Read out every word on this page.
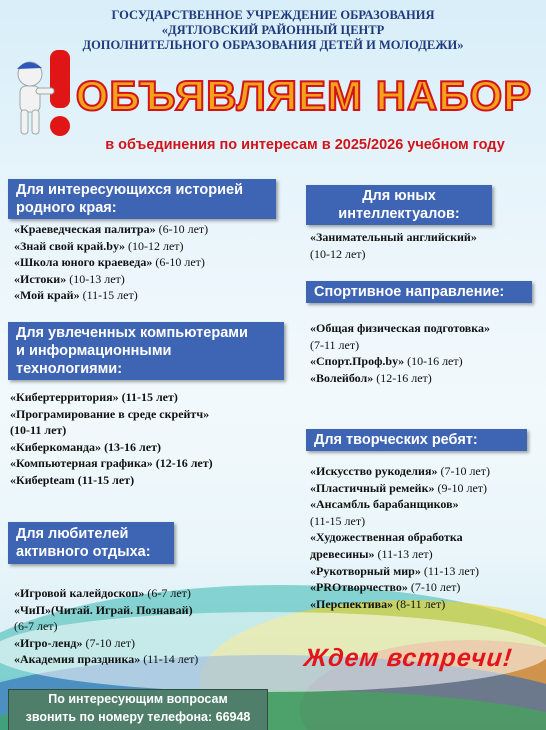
ГОСУДАРСТВЕННОЕ УЧРЕЖДЕНИЕ ОБРАЗОВАНИЯ
«ДЯТЛОВСКИЙ РАЙОННЫЙ ЦЕНТР
ДОПОЛНИТЕЛЬНОГО ОБРАЗОВАНИЯ ДЕТЕЙ И МОЛОДЕЖИ»
ОБЪЯВЛЯЕМ НАБОР
в объединения по интересам в 2025/2026 учебном году
Для интересующихся историей
родного края:
«Краеведческая палитра» (6-10 лет)
«Знай свой край.by» (10-12 лет)
«Школа юного краеведа» (6-10 лет)
«Истоки» (10-13 лет)
«Мой край» (11-15 лет)
Для юных
интеллектуалов:
«Занимательный английский»
(10-12 лет)
Спортивное направление:
«Общая физическая подготовка»
(7-11 лет)
«Спорт.Проф.by» (10-16 лет)
«Волейбол» (12-16 лет)
Для увлеченных компьютерами
и информационными
технологиями:
«Кибертерритория» (11-15 лет)
«Програмирование в среде скрейтч»
(10-11 лет)
«Киберкоманда» (13-16 лет)
«Компьютерная графика» (12-16 лет)
«Киберteam (11-15 лет)
Для творческих ребят:
«Искусство рукоделия» (7-10 лет)
«Пластичный ремейк» (9-10 лет)
«Ансамбль барабанщиков»
(11-15 лет)
«Художественная обработка
древесины» (11-13 лет)
«Рукотворный мир» (11-13 лет)
«PROтворчество» (7-10 лет)
«Перспектива» (8-11 лет)
Для любителей
активного отдыха:
«Игровой калейдоскоп» (6-7 лет)
«ЧиП»(Читай. Играй. Познавай)
(6-7 лет)
«Игро-ленд» (7-10 лет)
«Академия праздника» (11-14 лет)	Ждем встречи!
По интересующим вопросам
звонить по номеру телефона: 66948
